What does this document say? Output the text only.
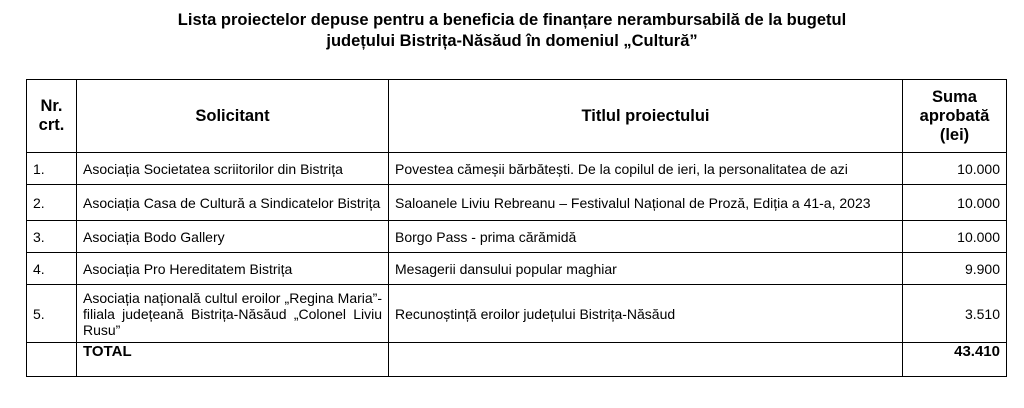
Lista proiectelor depuse pentru a beneficia de finanțare nerambursabilă de la bugetul
județului Bistrița-Năsăud în domeniul „Cultură”
Nr. crt.	Solicitant	Titlul proiectului	Suma aprobată (lei)
1.	Asociația Societatea scriitorilor din Bistrița	Povestea cămeșii bărbătești. De la copilul de ieri, la personalitatea de azi	10.000
2.	Asociația Casa de Cultură a Sindicatelor Bistrița	Saloanele Liviu Rebreanu – Festivalul Național de Proză, Ediția a 41-a, 2023	10.000
3.	Asociația Bodo Gallery	Borgo Pass - prima cărămidă	10.000
4.	Asociația Pro Hereditatem Bistrița	Mesagerii dansului popular maghiar	9.900
5.	Asociația națională cultul eroilor „Regina Maria”-filiala județeană Bistrița-Năsăud „Colonel Liviu Rusu”	Recunoștință eroilor județului Bistrița-Năsăud	3.510
	TOTAL		43.410
